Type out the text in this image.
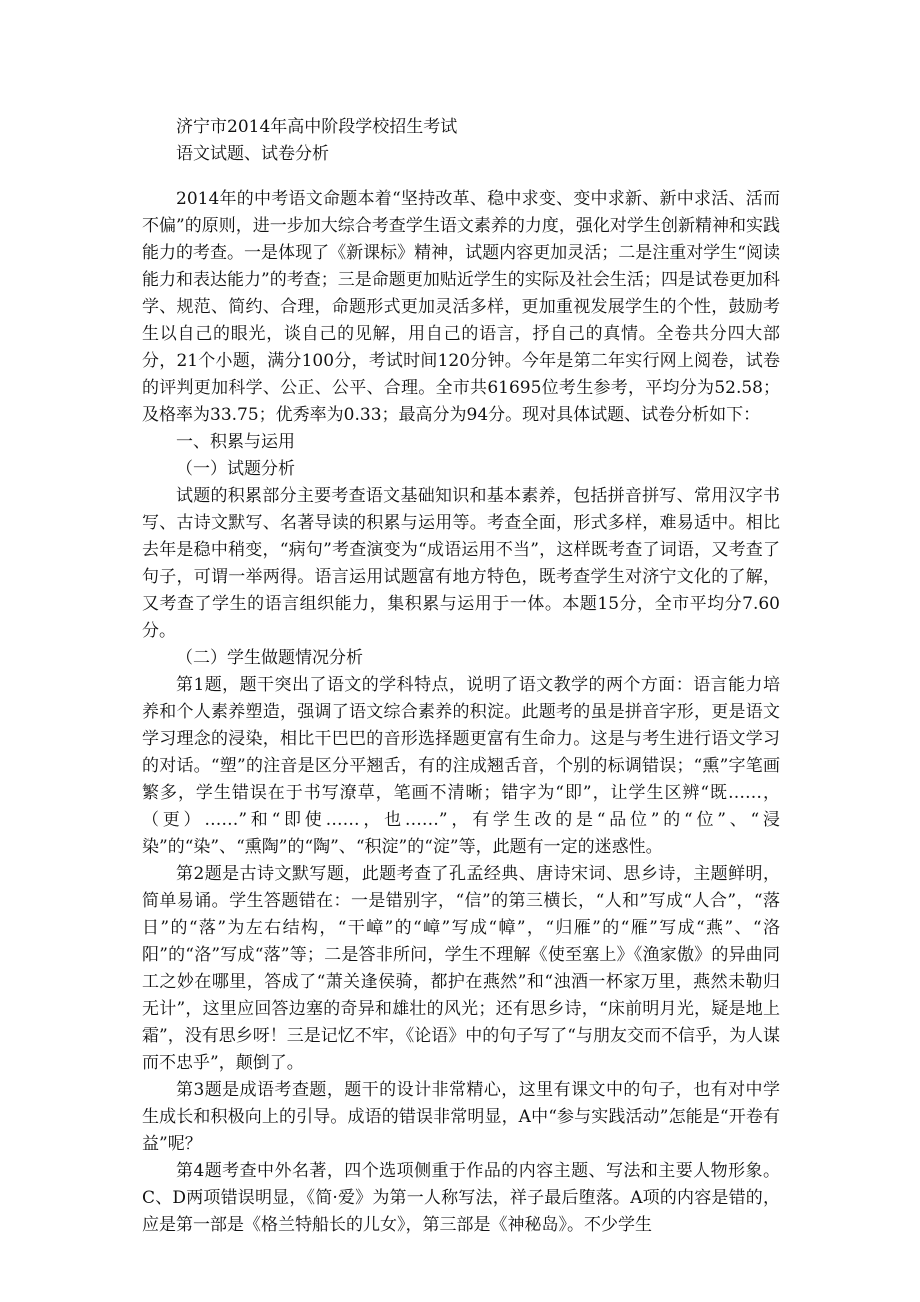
济宁市2014年高中阶段学校招生考试
语文试题、试卷分析

2014年的中考语文命题本着“坚持改革、稳中求变、变中求新、新中求活、活而不偏”的原则，进一步加大综合考查学生语文素养的力度，强化对学生创新精神和实践能力的考查。一是体现了《新课标》精神，试题内容更加灵活；二是注重对学生“阅读能力和表达能力”的考查；三是命题更加贴近学生的实际及社会生活；四是试卷更加科学、规范、简约、合理，命题形式更加灵活多样，更加重视发展学生的个性，鼓励考生以自己的眼光，谈自己的见解，用自己的语言，抒自己的真情。全卷共分四大部分，21个小题，满分100分，考试时间120分钟。今年是第二年实行网上阅卷，试卷的评判更加科学、公正、公平、合理。全市共61695位考生参考，平均分为52.58；及格率为33.75；优秀率为0.33；最高分为94分。现对具体试题、试卷分析如下：

一、积累与运用

（一）试题分析

试题的积累部分主要考查语文基础知识和基本素养，包括拼音拼写、常用汉字书写、古诗文默写、名著导读的积累与运用等。考查全面，形式多样，难易适中。相比去年是稳中稍变，“病句”考查演变为“成语运用不当”，这样既考查了词语，又考查了句子，可谓一举两得。语言运用试题富有地方特色，既考查学生对济宁文化的了解，又考查了学生的语言组织能力，集积累与运用于一体。本题15分，全市平均分7.60分。

（二）学生做题情况分析

第1题，题干突出了语文的学科特点，说明了语文教学的两个方面：语言能力培养和个人素养塑造，强调了语文综合素养的积淀。此题考的虽是拼音字形，更是语文学习理念的浸染，相比干巴巴的音形选择题更富有生命力。这是与考生进行语文学习的对话。“塑”的注音是区分平翘舌，有的注成翘舌音，个别的标调错误；“熏”字笔画繁多，学生错误在于书写潦草，笔画不清晰；错字为“即”，让学生区辨“既……，（更）……”和“即使……，也……”，有学生改的是“品位”的“位”、“浸染”的“染”、“熏陶”的“陶”、“积淀”的“淀”等，此题有一定的迷惑性。

第2题是古诗文默写题，此题考查了孔孟经典、唐诗宋词、思乡诗，主题鲜明，简单易诵。学生答题错在：一是错别字，“信”的第三横长，“人和”写成“人合”，“落日”的“落”为左右结构，“干嶂”的“嶂”写成“幛”，“归雁”的“雁”写成“燕”、“洛阳”的“洛”写成“落”等；二是答非所问，学生不理解《使至塞上》《渔家傲》的异曲同工之妙在哪里，答成了“萧关逢侯骑，都护在燕然”和“浊酒一杯家万里，燕然未勒归无计”，这里应回答边塞的奇异和雄壮的风光；还有思乡诗，“床前明月光，疑是地上霜”，没有思乡呀！三是记忆不牢，《论语》中的句子写了“与朋友交而不信乎，为人谋而不忠乎”，颠倒了。

第3题是成语考查题，题干的设计非常精心，这里有课文中的句子，也有对中学生成长和积极向上的引导。成语的错误非常明显，A中“参与实践活动”怎能是“开卷有益”呢？

第4题考查中外名著，四个选项侧重于作品的内容主题、写法和主要人物形象。C、D两项错误明显，《简·爱》为第一人称写法，祥子最后堕落。A项的内容是错的，应是第一部是《格兰特船长的儿女》，第三部是《神秘岛》。不少学生
